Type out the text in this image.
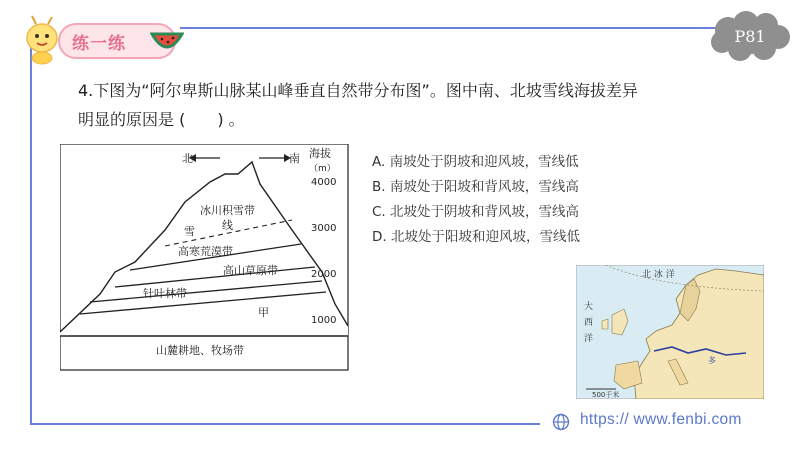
练一练	P81
4.下图为“阿尔卑斯山脉某山峰垂直自然带分布图”。图中南、北坡雪线海拔差异
明显的原因是 (　　) 。
北	南 海拔
（m）
4000
3000
2000
1000
冰川积雪带
雪 线
高寒荒漠带
高山草原带
针叶林带
甲
山麓耕地、牧场带
A. 南坡处于阴坡和迎风坡，雪线低
B. 南坡处于阳坡和背风坡，雪线高
C. 北坡处于阴坡和背风坡，雪线高
D. 北坡处于阳坡和迎风坡，雪线低
北 冰 洋
大
西
洋
多
500千米
https:// www.fenbi.com
